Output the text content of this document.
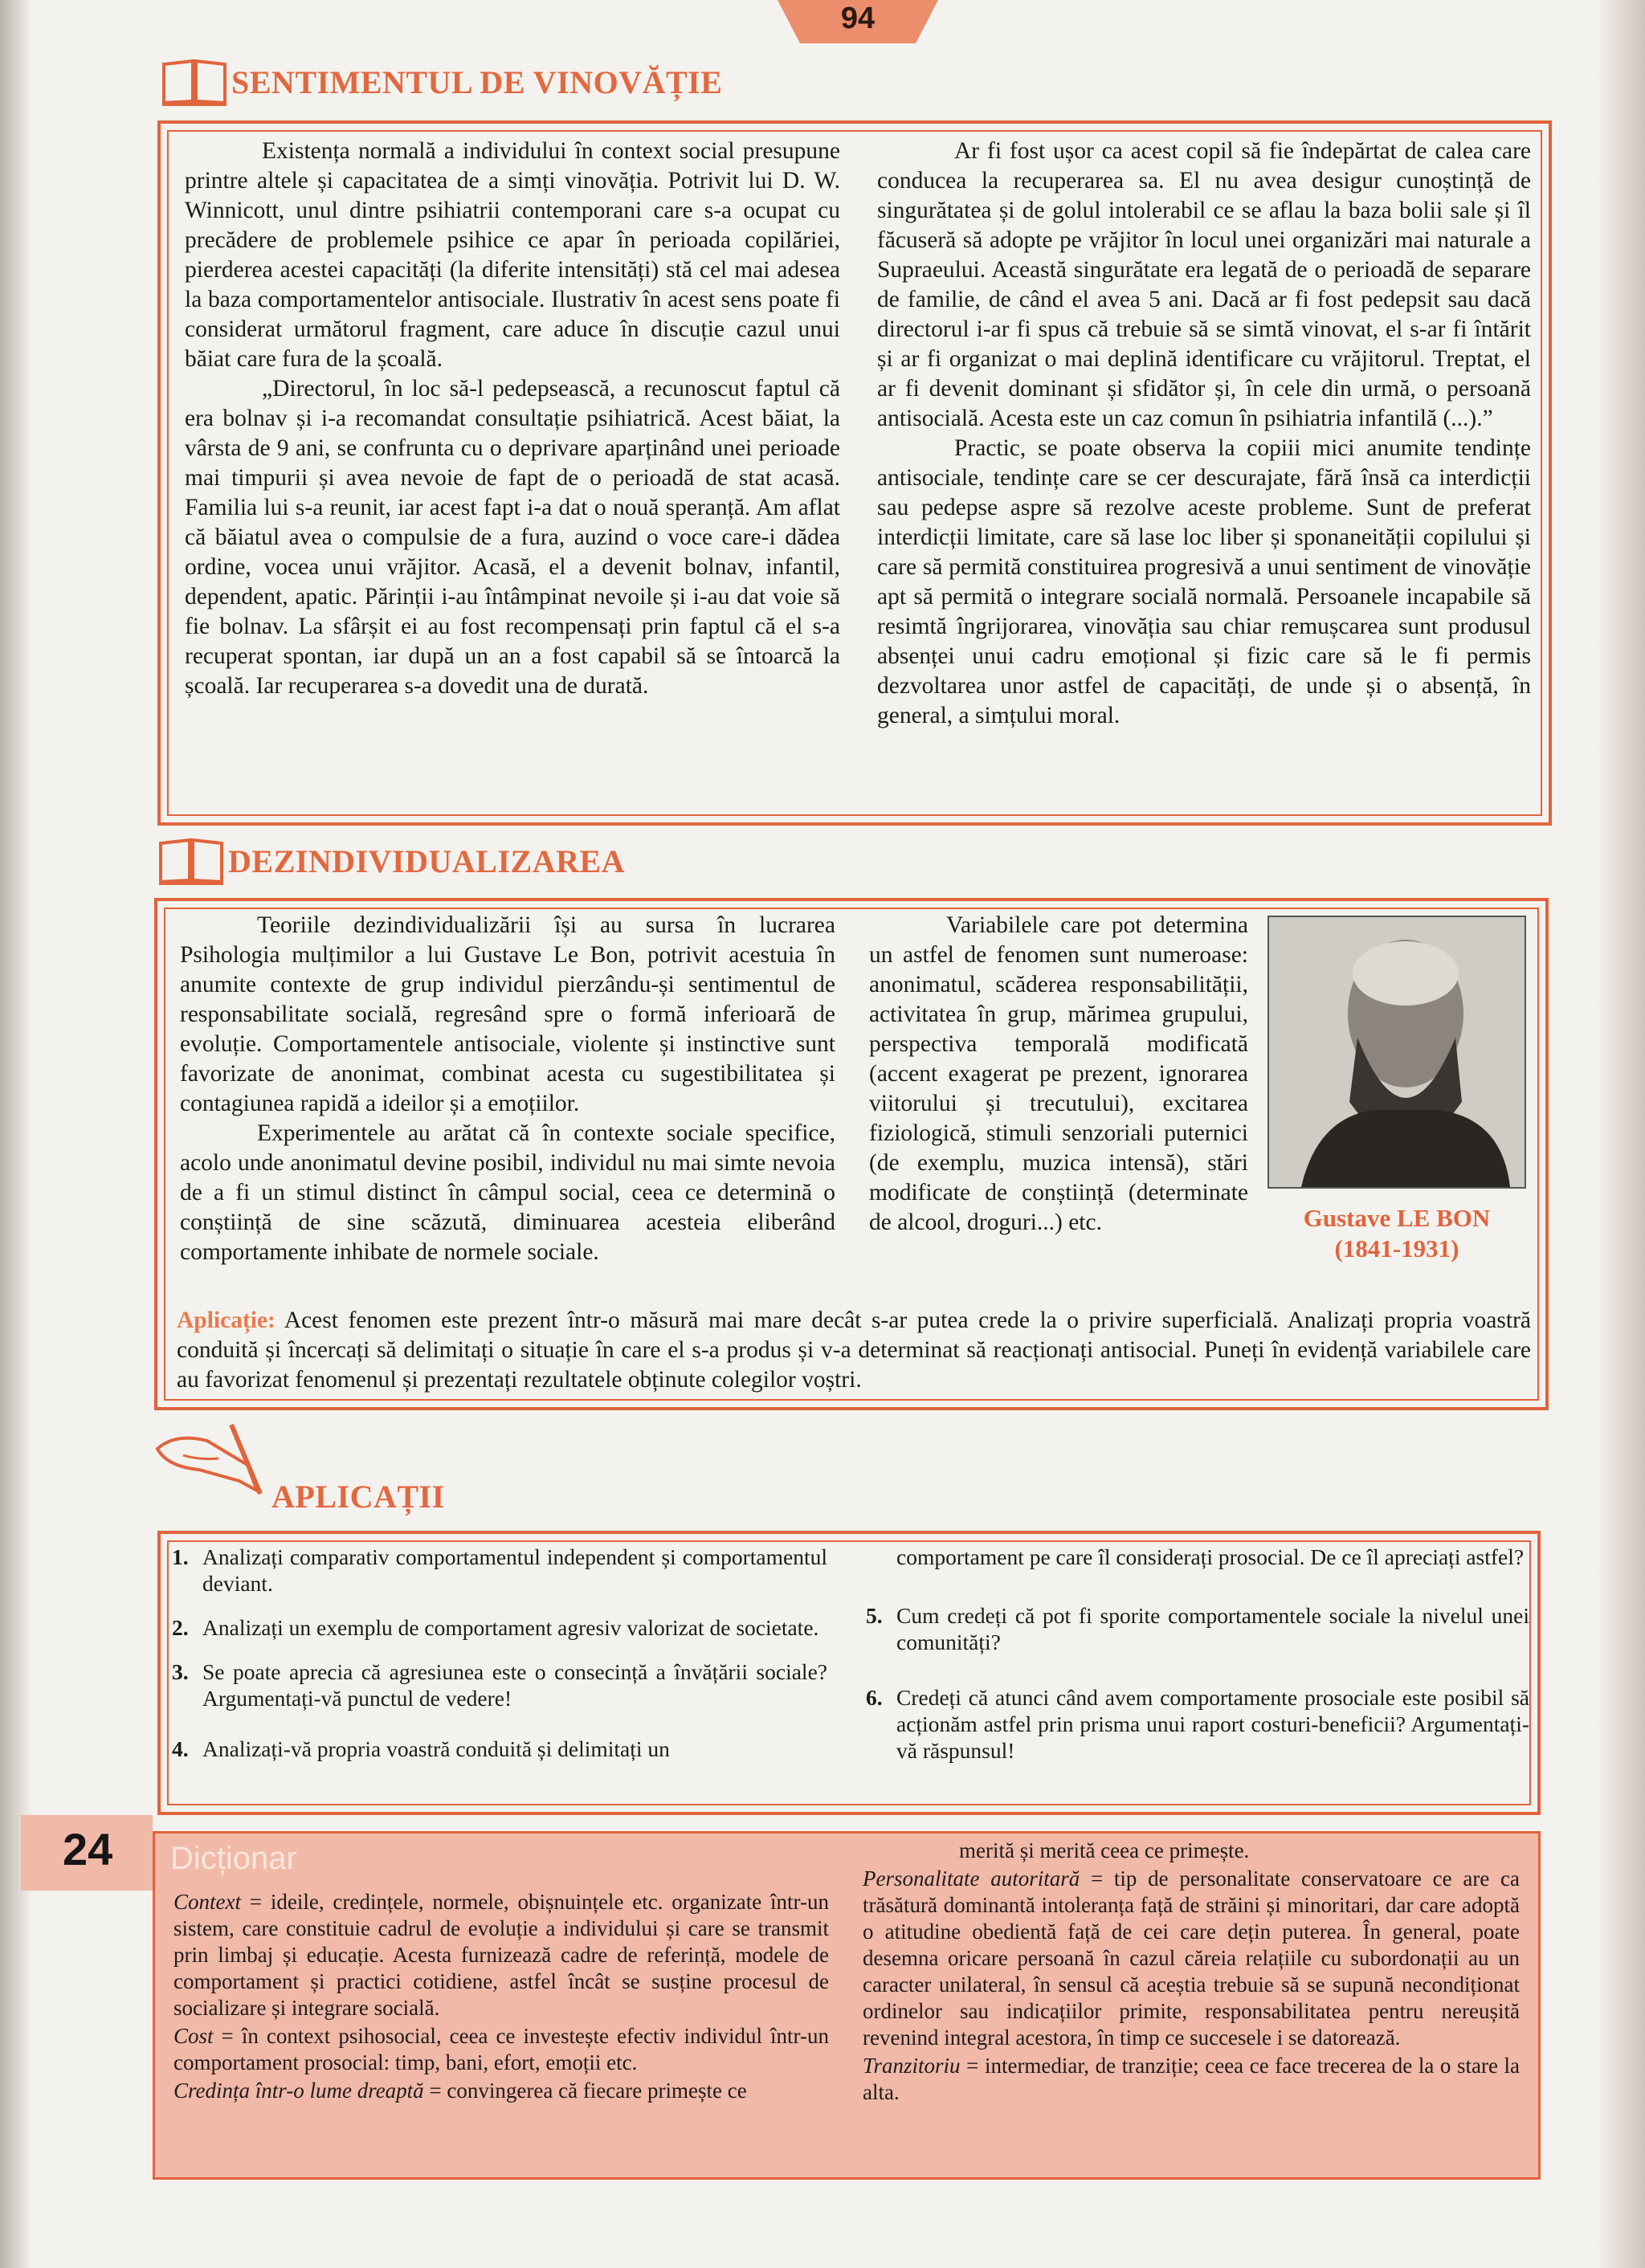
94
SENTIMENTUL DE VINOVĂȚIE

Existența normală a individului în context social presupune printre altele și capacitatea de a simți vinovăția. Potrivit lui D. W. Winnicott, unul dintre psihiatrii contemporani care s-a ocupat cu precădere de problemele psihice ce apar în perioada copilăriei, pierderea acestei capacități (la diferite intensități) stă cel mai adesea la baza comportamentelor antisociale. Ilustrativ în acest sens poate fi considerat următorul fragment, care aduce în discuție cazul unui băiat care fura de la școală.

„Directorul, în loc să-l pedepsească, a recunoscut faptul că era bolnav și i-a recomandat consultație psihiatrică. Acest băiat, la vârsta de 9 ani, se confrunta cu o deprivare aparținând unei perioade mai timpurii și avea nevoie de fapt de o perioadă de stat acasă. Familia lui s-a reunit, iar acest fapt i-a dat o nouă speranță. Am aflat că băiatul avea o compulsie de a fura, auzind o voce care-i dădea ordine, vocea unui vrăjitor. Acasă, el a devenit bolnav, infantil, dependent, apatic. Părinții i-au întâmpinat nevoile și i-au dat voie să fie bolnav. La sfârșit ei au fost recompensați prin faptul că el s-a recuperat spontan, iar după un an a fost capabil să se întoarcă la școală. Iar recuperarea s-a dovedit una de durată.

Ar fi fost ușor ca acest copil să fie îndepărtat de calea care conducea la recuperarea sa. El nu avea desigur cunoștință de singurătatea și de golul intolerabil ce se aflau la baza bolii sale și îl făcuseră să adopte pe vrăjitor în locul unei organizări mai naturale a Supraeului. Această singurătate era legată de o perioadă de separare de familie, de când el avea 5 ani. Dacă ar fi fost pedepsit sau dacă directorul i-ar fi spus că trebuie să se simtă vinovat, el s-ar fi întărit și ar fi organizat o mai deplină identificare cu vrăjitorul. Treptat, el ar fi devenit dominant și sfidător și, în cele din urmă, o persoană antisocială. Acesta este un caz comun în psihiatria infantilă (...).”

Practic, se poate observa la copiii mici anumite tendințe antisociale, tendințe care se cer descurajate, fără însă ca interdicții sau pedepse aspre să rezolve aceste probleme. Sunt de preferat interdicții limitate, care să lase loc liber și sponaneității copilului și care să permită constituirea progresivă a unui sentiment de vinovăție apt să permită o integrare socială normală. Persoanele incapabile să resimtă îngrijorarea, vinovăția sau chiar remușcarea sunt produsul absenței unui cadru emoțional și fizic care să le fi permis dezvoltarea unor astfel de capacități, de unde și o absență, în general, a simțului moral.

DEZINDIVIDUALIZAREA

Teoriile dezindividualizării își au sursa în lucrarea Psihologia mulțimilor a lui Gustave Le Bon, potrivit acestuia în anumite contexte de grup individul pierzându-și sentimentul de responsabilitate socială, regresând spre o formă inferioară de evoluție. Comportamentele antisociale, violente și instinctive sunt favorizate de anonimat, combinat acesta cu sugestibilitatea și contagiunea rapidă a ideilor și a emoțiilor.

Experimentele au arătat că în contexte sociale specifice, acolo unde anonimatul devine posibil, individul nu mai simte nevoia de a fi un stimul distinct în câmpul social, ceea ce determină o conștiință de sine scăzută, diminuarea acesteia eliberând comportamente inhibate de normele sociale.

Variabilele care pot determina un astfel de fenomen sunt numeroase: anonimatul, scăderea responsabilității, activitatea în grup, mărimea grupului, perspectiva temporală modificată (accent exagerat pe prezent, ignorarea viitorului și trecutului), excitarea fiziologică, stimuli senzoriali puternici (de exemplu, muzica intensă), stări modificate de conștiință (determinate de alcool, droguri...) etc.	Gustave LE BON
(1841-1931)
Aplicație: Acest fenomen este prezent într-o măsură mai mare decât s-ar putea crede la o privire superficială. Analizați propria voastră conduită și încercați să delimitați o situație în care el s-a produs și v-a determinat să reacționați antisocial. Puneți în evidență variabilele care au favorizat fenomenul și prezentați rezultatele obținute colegilor voștri.
APLICAȚII
1. Analizați comparativ comportamentul independent și comportamentul deviant.
2. Analizați un exemplu de comportament agresiv valorizat de societate.
3. Se poate aprecia că agresiunea este o consecință a învățării sociale? Argumentați-vă punctul de vedere!
4. Analizați-vă propria voastră conduită și delimitați un
comportament pe care îl considerați prosocial. De ce îl apreciați astfel?
5. Cum credeți că pot fi sporite comportamentele sociale la nivelul unei comunități?
6. Credeți că atunci când avem comportamente prosociale este posibil să acționăm astfel prin prisma unui raport costuri-beneficii? Argumentați-vă răspunsul!
24 Dicționar
Context = ideile, credințele, normele, obișnuințele etc. organizate într-un sistem, care constituie cadrul de evoluție a individului și care se transmit prin limbaj și educație. Acesta furnizează cadre de referință, modele de comportament și practici cotidiene, astfel încât se susține procesul de socializare și integrare socială.
Cost = în context psihosocial, ceea ce investește efectiv individul într-un comportament prosocial: timp, bani, efort, emoții etc.
Credința într-o lume dreaptă = convingerea că fiecare primește ce
merită și merită ceea ce primește.
Personalitate autoritară = tip de personalitate conservatoare ce are ca trăsătură dominantă intoleranța față de străini și minoritari, dar care adoptă o atitudine obedientă față de cei care dețin puterea. În general, poate desemna oricare persoană în cazul căreia relațiile cu subordonații au un caracter unilateral, în sensul că aceștia trebuie să se supună necondiționat ordinelor sau indicațiilor primite, responsabilitatea pentru nereușită revenind integral acestora, în timp ce succesele i se datorează.
Tranzitoriu = intermediar, de tranziție; ceea ce face trecerea de la o stare la alta.
